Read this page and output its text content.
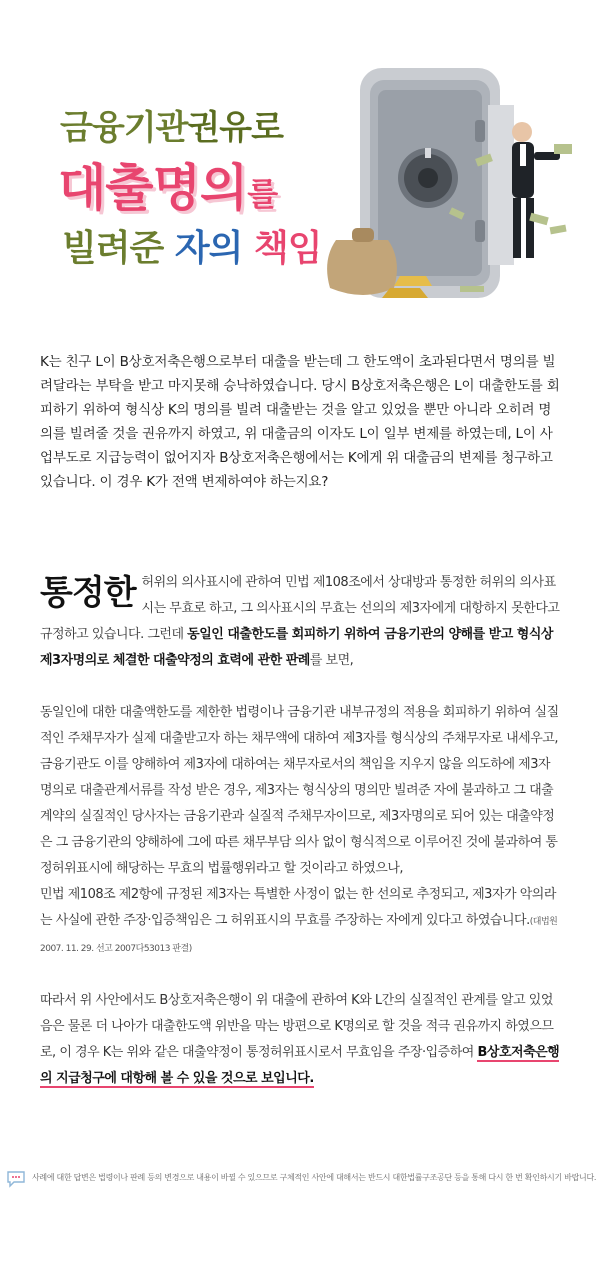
금융기관권유로
대출명의를
빌려준 자의 책임
K는 친구 L이 B상호저축은행으로부터 대출을 받는데 그 한도액이 초과된다면서 명의를 빌려달라는 부탁을 받고 마지못해 승낙하였습니다. 당시 B상호저축은행은 L이 대출한도를 회피하기 위하여 형식상 K의 명의를 빌려 대출받는 것을 알고 있었을 뿐만 아니라 오히려 명의를 빌려줄 것을 권유까지 하였고, 위 대출금의 이자도 L이 일부 변제를 하였는데, L이 사업부도로 지급능력이 없어지자 B상호저축은행에서는 K에게 위 대출금의 변제를 청구하고 있습니다. 이 경우 K가 전액 변제하여야 하는지요?

통정한 허위의 의사표시에 관하여 민법 제108조에서 상대방과 통정한 허위의 의사표시는 무효로 하고, 그 의사표시의 무효는 선의의 제3자에게 대항하지 못한다고 규정하고 있습니다. 그런데 동일인 대출한도를 회피하기 위하여 금융기관의 양해를 받고 형식상 제3자명의로 체결한 대출약정의 효력에 관한 판례를 보면,

동일인에 대한 대출액한도를 제한한 법령이나 금융기관 내부규정의 적용을 회피하기 위하여 실질적인 주채무자가 실제 대출받고자 하는 채무액에 대하여 제3자를 형식상의 주채무자로 내세우고, 금융기관도 이를 양해하여 제3자에 대하여는 채무자로서의 책임을 지우지 않을 의도하에 제3자명의로 대출관계서류를 작성 받은 경우, 제3자는 형식상의 명의만 빌려준 자에 불과하고 그 대출계약의 실질적인 당사자는 금융기관과 실질적 주채무자이므로, 제3자명의로 되어 있는 대출약정은 그 금융기관의 양해하에 그에 따른 채무부담 의사 없이 형식적으로 이루어진 것에 불과하여 통정허위표시에 해당하는 무효의 법률행위라고 할 것이라고 하였으나,

민법 제108조 제2항에 규정된 제3자는 특별한 사정이 없는 한 선의로 추정되고, 제3자가 악의라는 사실에 관한 주장·입증책임은 그 허위표시의 무효를 주장하는 자에게 있다고 하였습니다.(대법원 2007. 11. 29. 선고 2007다53013 판결)

따라서 위 사안에서도 B상호저축은행이 위 대출에 관하여 K와 L간의 실질적인 관계를 알고 있었음은 물론 더 나아가 대출한도액 위반을 막는 방편으로 K명의로 할 것을 적극 권유까지 하였으므로, 이 경우 K는 위와 같은 대출약정이 통정허위표시로서 무효임을 주장·입증하여 B상호저축은행의 지급청구에 대항해 볼 수 있을 것으로 보입니다.

사례에 대한 답변은 법령이나 판례 등의 변경으로 내용이 바뀔 수 있으므로 구체적인 사안에 대해서는 반드시 대한법률구조공단 등을 통해 다시 한 번 확인하시기 바랍니다.
